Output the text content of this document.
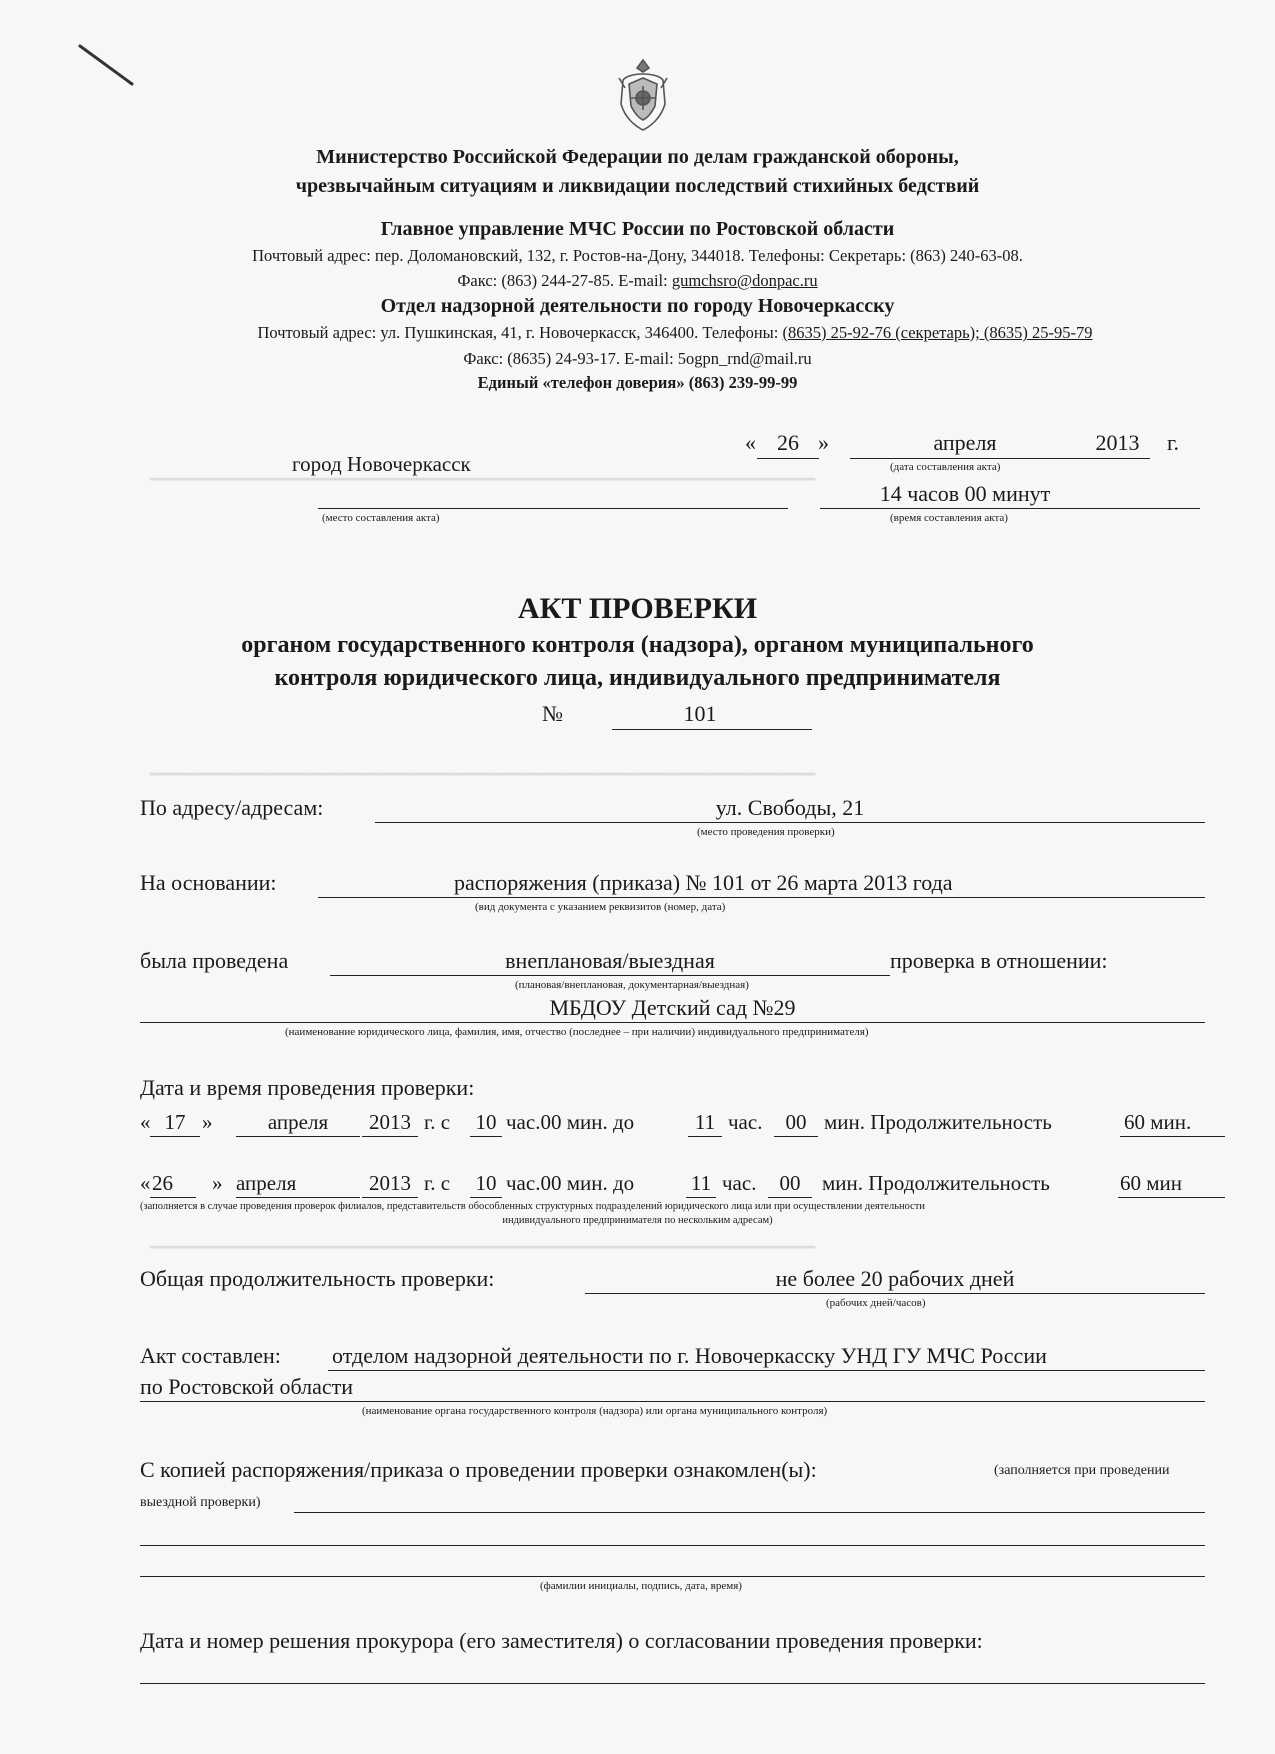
━━━━━━━━━━━━━━━━━━━━━━━━━━━━━━━━━━━━━━━━━━━━━━━━━━━━━━━━━━━━━━━━━
━━━━━━━━━━━━━━━━━━━━━━━━━━━━━━━━━━━━━━━━━━━━━━━━━━━━━━━━━━━━━━━━━
━━━━━━━━━━━━━━━━━━━━━━━━━━━━━━━━━━━━━━━━━━━━━━━━━━━━━━━━━━━━━━━━━
Министерство Российской Федерации по делам гражданской обороны,
чрезвычайным ситуациям и ликвидации последствий стихийных бедствий
Главное управление МЧС России по Ростовской области
Почтовый адрес: пер. Доломановский, 132, г. Ростов-на-Дону, 344018. Телефоны: Секретарь: (863) 240-63-08.
Факс: (863) 244-27-85. E-mail: gumchsro@donpac.ru
Отдел надзорной деятельности по городу Новочеркасску
Почтовый адрес: ул. Пушкинская, 41, г. Новочеркасск, 346400. Телефоны: (8635) 25-92-76 (секретарь); (8635) 25-95-79
Факс: (8635) 24-93-17. E-mail: 5ogpn_rnd@mail.ru
Единый «телефон доверия» (863) 239-99-99
город Новочеркасск
(место составления акта)
« 26 »	апреля	2013	г.
(дата составления акта)
14 часов 00 минут
(время составления акта)
АКТ ПРОВЕРКИ
органом государственного контроля (надзора), органом муниципального
контроля юридического лица, индивидуального предпринимателя
№	101
По адресу/адресам:	ул. Свободы, 21
(место проведения проверки)
На основании:	распоряжения (приказа) № 101 от 26 марта 2013 года
(вид документа с указанием реквизитов (номер, дата)
была проведена	внеплановая/выездная	проверка в отношении:
(плановая/внеплановая, документарная/выездная)
МБДОУ Детский сад №29
(наименование юридического лица, фамилия, имя, отчество (последнее – при наличии) индивидуального предпринимателя)
Дата и время проведения проверки:
« 17 »	апреля	2013 г. с 10 час.00 мин. до	11 час.	00 мин. Продолжительность	60 мин.
« 26	» апреля	2013 г. с 10 час.00 мин. до	11 час.	00	мин. Продолжительность	60 мин
(заполняется в случае проведения проверок филиалов, представительств обособленных структурных подразделений юридического лица или при осуществлении деятельности
индивидуального предпринимателя по нескольким адресам)
Общая продолжительность проверки:	не более 20 рабочих дней
(рабочих дней/часов)
Акт составлен: отделом надзорной деятельности по г. Новочеркасску УНД ГУ МЧС России
по Ростовской области
(наименование органа государственного контроля (надзора) или органа муниципального контроля)
С копией распоряжения/приказа о проведении проверки ознакомлен(ы):	(заполняется при проведении
выездной проверки)
(фамилии инициалы, подпись, дата, время)
Дата и номер решения прокурора (его заместителя) о согласовании проведения проверки:
